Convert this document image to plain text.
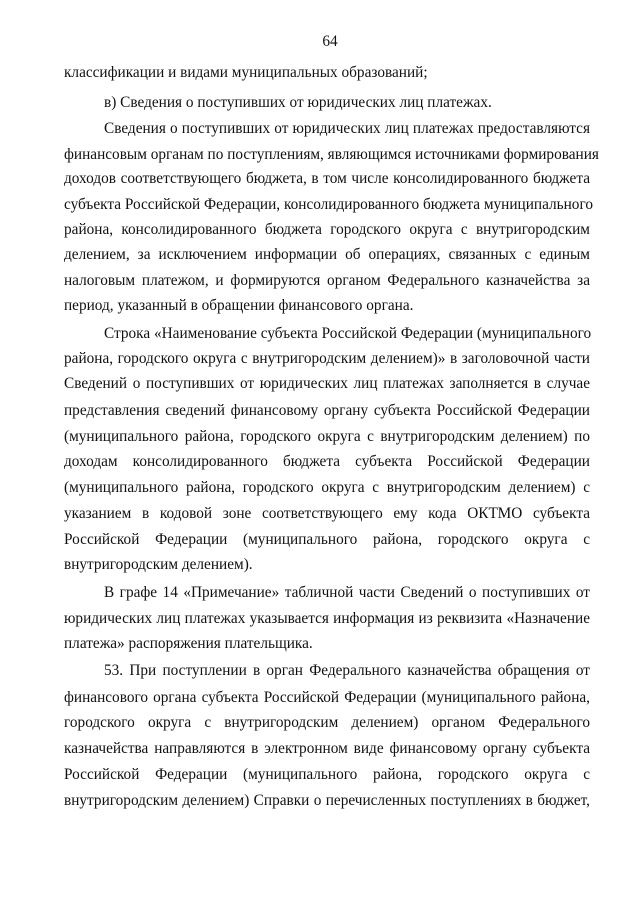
64
классификации и видами муниципальных образований;
в) Сведения о поступивших от юридических лиц платежах.
Сведения о поступивших от юридических лиц платежах предоставляются
финансовым органам по поступлениям, являющимся источниками формирования
доходов соответствующего бюджета, в том числе консолидированного бюджета
субъекта Российской Федерации, консолидированного бюджета муниципального
района, консолидированного бюджета городского округа с внутригородским
делением, за исключением информации об операциях, связанных с единым
налоговым платежом, и формируются органом Федерального казначейства за
период, указанный в обращении финансового органа.
Строка «Наименование субъекта Российской Федерации (муниципального
района, городского округа с внутригородским делением)» в заголовочной части
Сведений о поступивших от юридических лиц платежах заполняется в случае
представления сведений финансовому органу субъекта Российской Федерации
(муниципального района, городского округа с внутригородским делением) по
доходам консолидированного бюджета субъекта Российской Федерации
(муниципального района, городского округа с внутригородским делением) с
указанием в кодовой зоне соответствующего ему кода ОКТМО субъекта
Российской Федерации (муниципального района, городского округа с
внутригородским делением).
В графе 14 «Примечание» табличной части Сведений о поступивших от
юридических лиц платежах указывается информация из реквизита «Назначение
платежа» распоряжения плательщика.
53. При поступлении в орган Федерального казначейства обращения от
финансового органа субъекта Российской Федерации (муниципального района,
городского округа с внутригородским делением) органом Федерального
казначейства направляются в электронном виде финансовому органу субъекта
Российской Федерации (муниципального района, городского округа с
внутригородским делением) Справки о перечисленных поступлениях в бюджет,
